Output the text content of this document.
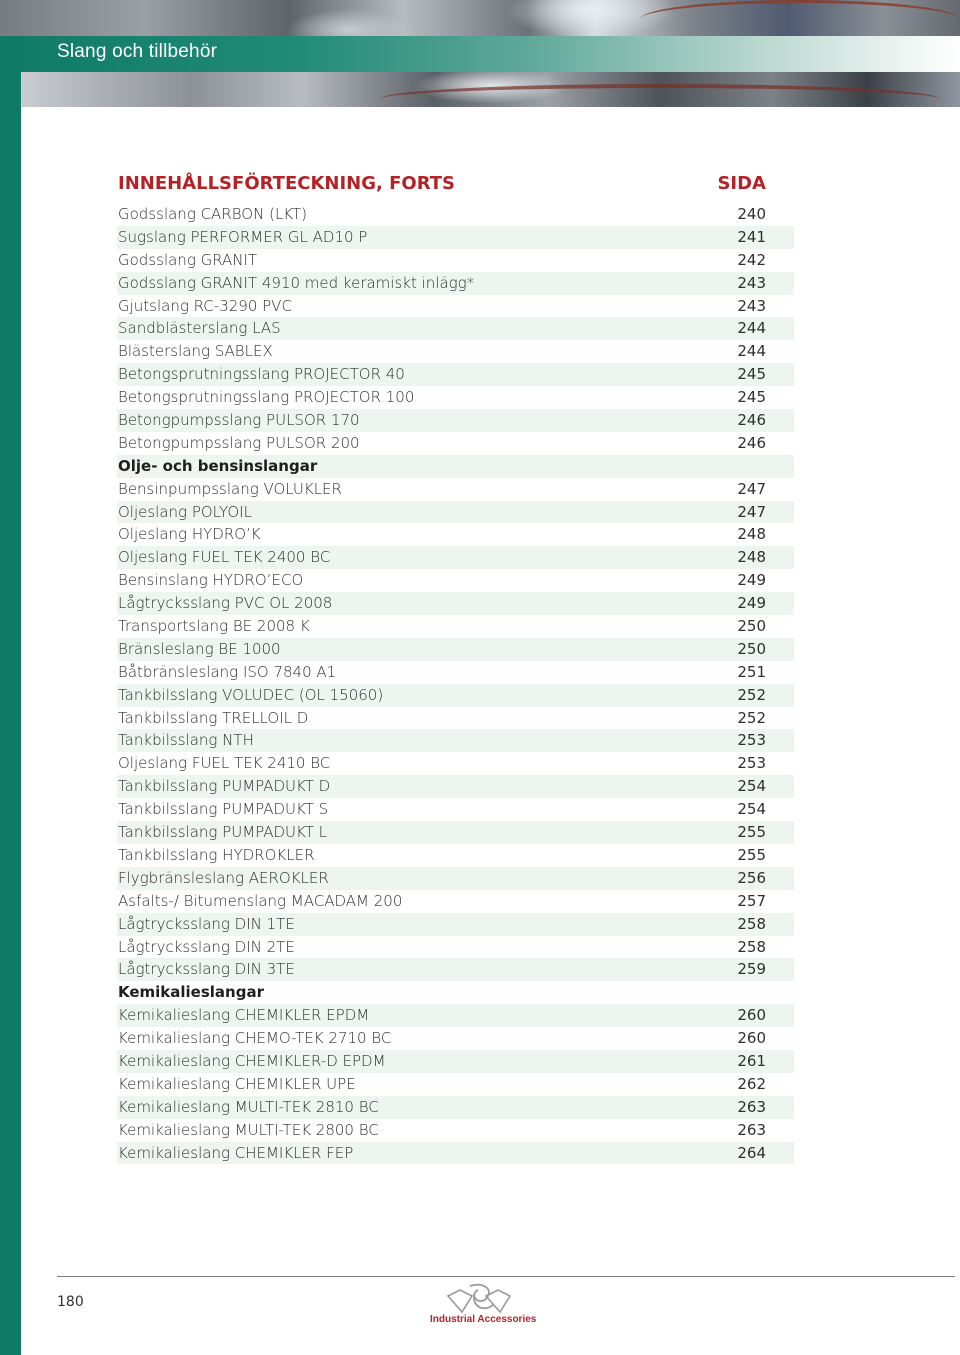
Slang och tillbehör
INNEHÅLLSFÖRTECKNING, FORTS	SIDA
Godsslang CARBON (LKT)	240
Sugslang PERFORMER GL AD10 P	241
Godsslang GRANIT	242
Godsslang GRANIT 4910 med keramiskt inlägg*	243
Gjutslang RC-3290 PVC	243
Sandblästerslang LAS	244
Blästerslang SABLEX	244
Betongsprutningsslang PROJECTOR 40	245
Betongsprutningsslang PROJECTOR 100	245
Betongpumpsslang PULSOR 170	246
Betongpumpsslang PULSOR 200	246
Olje- och bensinslangar
Bensinpumpsslang VOLUKLER	247
Oljeslang POLYOIL	247
Oljeslang HYDRO’K	248
Oljeslang FUEL TEK 2400 BC	248
Bensinslang HYDRO’ECO	249
Lågtrycksslang PVC OL 2008	249
Transportslang BE 2008 K	250
Bränsleslang BE 1000	250
Båtbränsleslang ISO 7840 A1	251
Tankbilsslang VOLUDEC (OL 15060)	252
Tankbilsslang TRELLOIL D	252
Tankbilsslang NTH	253
Oljeslang FUEL TEK 2410 BC	253
Tankbilsslang PUMPADUKT D	254
Tankbilsslang PUMPADUKT S	254
Tankbilsslang PUMPADUKT L	255
Tankbilsslang HYDROKLER	255
Flygbränsleslang AEROKLER	256
Asfalts-/ Bitumenslang MACADAM 200	257
Lågtrycksslang DIN 1TE	258
Lågtrycksslang DIN 2TE	258
Lågtrycksslang DIN 3TE	259
Kemikalieslangar
Kemikalieslang CHEMIKLER EPDM	260
Kemikalieslang CHEMO-TEK 2710 BC	260
Kemikalieslang CHEMIKLER-D EPDM	261
Kemikalieslang CHEMIKLER UPE	262
Kemikalieslang MULTI-TEK 2810 BC	263
Kemikalieslang MULTI-TEK 2800 BC	263
Kemikalieslang CHEMIKLER FEP	264
180
Industrial Accessories
